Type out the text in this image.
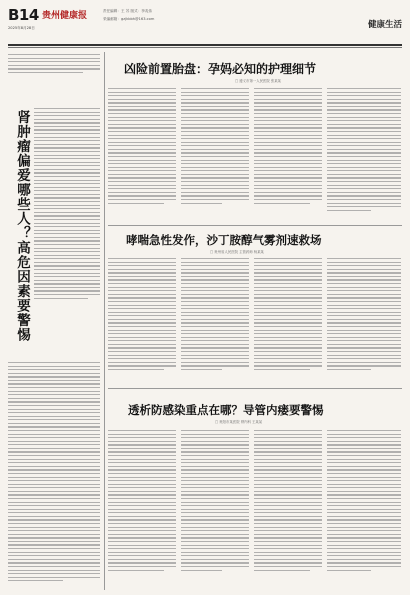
B14 贵州健康报	责任编辑：王 苏 版式：李兆伟
采编邮箱：gzjkbbh@163.com
2025年8月28日	健康生活
肾肿瘤偏爱哪些人？高危因素要警惕
凶险前置胎盘：孕妈必知的护理细节
□ 遵义市第一人民医院 张某某
哮喘急性发作，沙丁胺醇气雾剂速救场
□ 贵州省人民医院 主管药师 杨某某
透析防感染重点在哪？导管内瘘要警惕
□ 贵阳市某医院 肾内科 王某某
